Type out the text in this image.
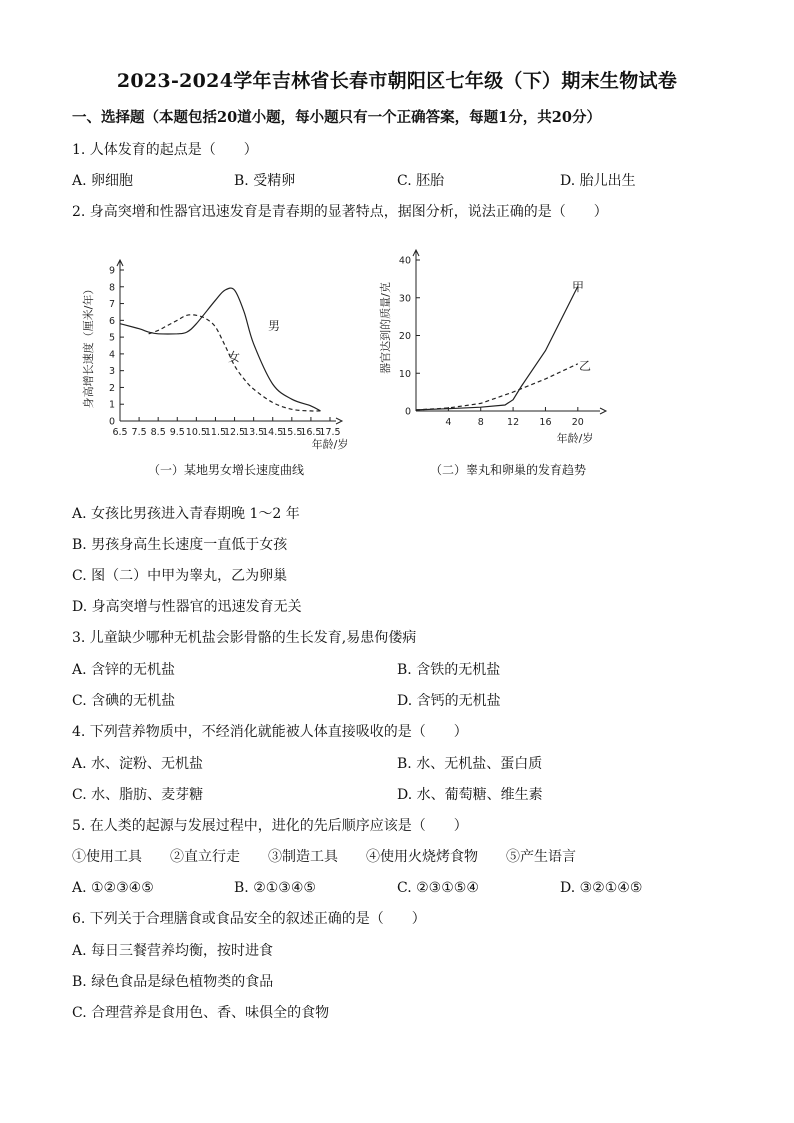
2023-2024学年吉林省长春市朝阳区七年级（下）期末生物试卷
一、选择题（本题包括20道小题，每小题只有一个正确答案，每题1分，共20分）
1. 人体发育的起点是（　　）
A. 卵细胞	B. 受精卵	C. 胚胎	D. 胎儿出生
2. 身高突增和性器官迅速发育是青春期的显著特点，据图分析，说法正确的是（　　）
0
1
2
3
4
5
6
7
8
9
6.5 7.5 8.5 9.5 10.5
11.5
12.5
13.5
14.5
15.5
16.5
17.5
年龄/岁
身高增长速度（厘米/年）	男
女
（一）某地男女增长速度曲线
0
10
20
30
40
4	8 12 16 20
年龄/岁
器官达到的质量/克	甲
乙
（二）睾丸和卵巢的发育趋势
A. 女孩比男孩进入青春期晚 1～2 年
B. 男孩身高生长速度一直低于女孩
C. 图（二）中甲为睾丸，乙为卵巢
D. 身高突增与性器官的迅速发育无关
3. 儿童缺少哪种无机盐会影骨骼的生长发育,易患佝偻病
A. 含锌的无机盐	B. 含铁的无机盐
C. 含碘的无机盐	D. 含钙的无机盐
4. 下列营养物质中，不经消化就能被人体直接吸收的是（　　）
A. 水、淀粉、无机盐	B. 水、无机盐、蛋白质
C. 水、脂肪、麦芽糖	D. 水、葡萄糖、维生素
5. 在人类的起源与发展过程中，进化的先后顺序应该是（　　）
①使用工具　　②直立行走　　③制造工具　　④使用火烧烤食物　　⑤产生语言
A. ①②③④⑤	B. ②①③④⑤	C. ②③①⑤④	D. ③②①④⑤
6. 下列关于合理膳食或食品安全的叙述正确的是（　　）
A. 每日三餐营养均衡，按时进食
B. 绿色食品是绿色植物类的食品
C. 合理营养是食用色、香、味俱全的食物
